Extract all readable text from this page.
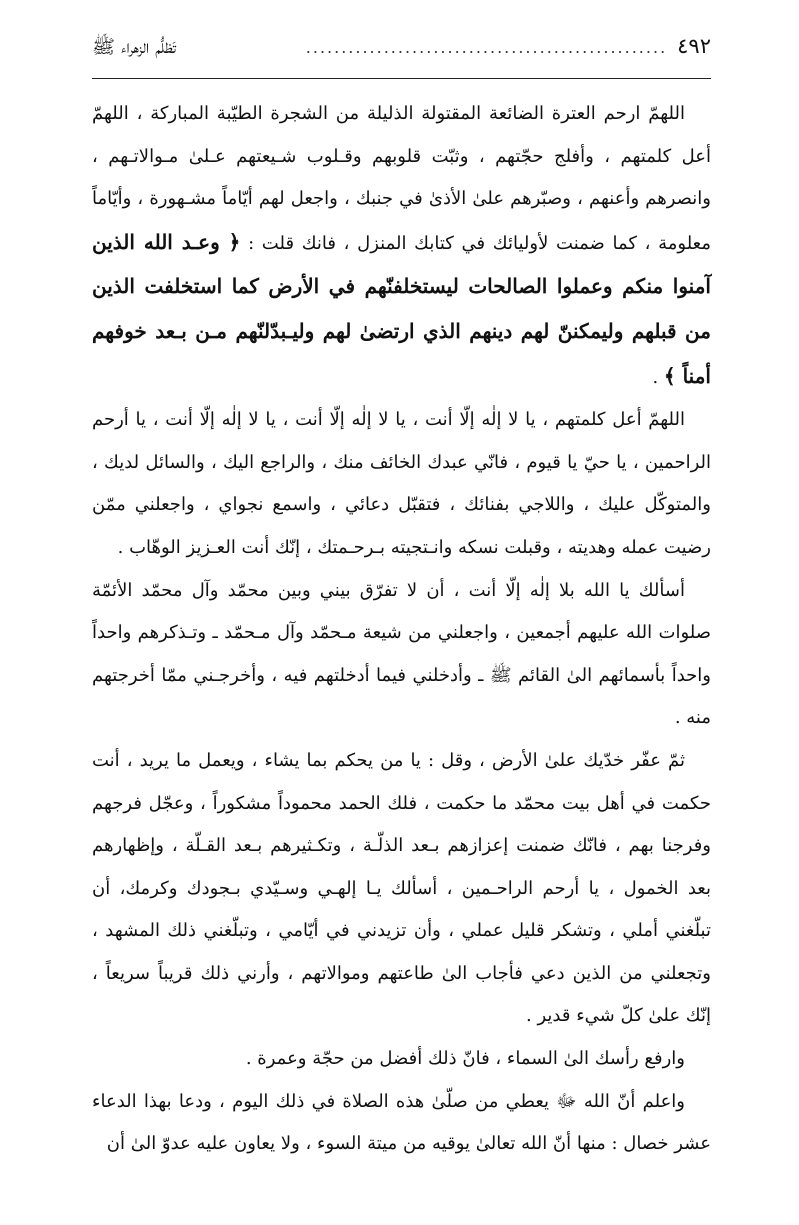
٤٩٢
...................................................
تَظلُّم الزهراء ﷺ

اللهمّ ارحم العترة الضائعة المقتولة الذليلة من الشجرة الطيّبة المباركة ، اللهمّ أعل كلمتهم ، وأفلج حجّتهم ، وثبّت قلوبهم وقـلوب شـيعتهم عـلىٰ مـوالاتـهم ، وانصرهم وأعنهم ، وصبّرهم علىٰ الأذىٰ في جنبك ، واجعل لهم أيّاماً مشـهورة ، وأيّاماً معلومة ، كما ضمنت لأوليائك في كتابك المنزل ، فانك قلت : ﴿ وعـد الله الذين آمنوا منكم وعملوا الصالحات ليستخلفنّهم في الأرض كما استخلفت الذين من قبلهم وليمكننّ لهم دينهم الذي ارتضىٰ لهم وليـبدّلنّهم مـن بـعد خوفهم أمناً ﴾ .

اللهمّ أعل كلمتهم ، يا لا إلٰه إلّا أنت ، يا لا إلٰه إلّا أنت ، يا لا إلٰه إلّا أنت ، يا أرحم الراحمين ، يا حيّ يا قيوم ، فانّي عبدك الخائف منك ، والراجع اليك ، والسائل لديك ، والمتوكّل عليك ، واللاجي بفنائك ، فتقبّل دعائي ، واسمع نجواي ، واجعلني ممّن رضيت عمله وهديته ، وقبلت نسكه وانـتجيته بـرحـمتك ، إنّك أنت العـزيز الوهّاب .

أسألك يا الله بلا إلٰه إلّا أنت ، أن لا تفرّق بيني وبين محمّد وآل محمّد الأئمّة صلوات الله عليهم أجمعين ، واجعلني من شيعة مـحمّد وآل مـحمّد ـ وتـذكرهم واحداً واحداً بأسمائهم الىٰ القائم ﷺ ـ وأدخلني فيما أدخلتهم فيه ، وأخرجـني ممّا أخرجتهم منه .

ثمّ عفّر خدّيك علىٰ الأرض ، وقل : يا من يحكم بما يشاء ، ويعمل ما يريد ، أنت حكمت في أهل بيت محمّد ما حكمت ، فلك الحمد محموداً مشكوراً ، وعجّل فرجهم وفرجنا بهم ، فانّك ضمنت إعزازهم بـعد الذلّـة ، وتكـثيرهم بـعد القـلّة ، وإظهارهم بعد الخمول ، يا أرحم الراحـمين ، أسألك يـا إلهـي وسـيّدي بـجودك وكرمك، أن تبلّغني أملي ، وتشكر قليل عملي ، وأن تزيدني في أيّامي ، وتبلّغني ذلك المشهد ، وتجعلني من الذين دعي فأجاب الىٰ طاعتهم وموالاتهم ، وأرني ذلك قريباً سريعاً ، إنّك علىٰ كلّ شيء قدير .

وارفع رأسك الىٰ السماء ، فانّ ذلك أفضل من حجّة وعمرة .

واعلم أنّ الله ﷻ يعطي من صلّىٰ هذه الصلاة في ذلك اليوم ، ودعا بهذا الدعاء عشر خصال : منها أنّ الله تعالىٰ يوقيه من ميتة السوء ، ولا يعاون عليه عدوّ الىٰ أن
